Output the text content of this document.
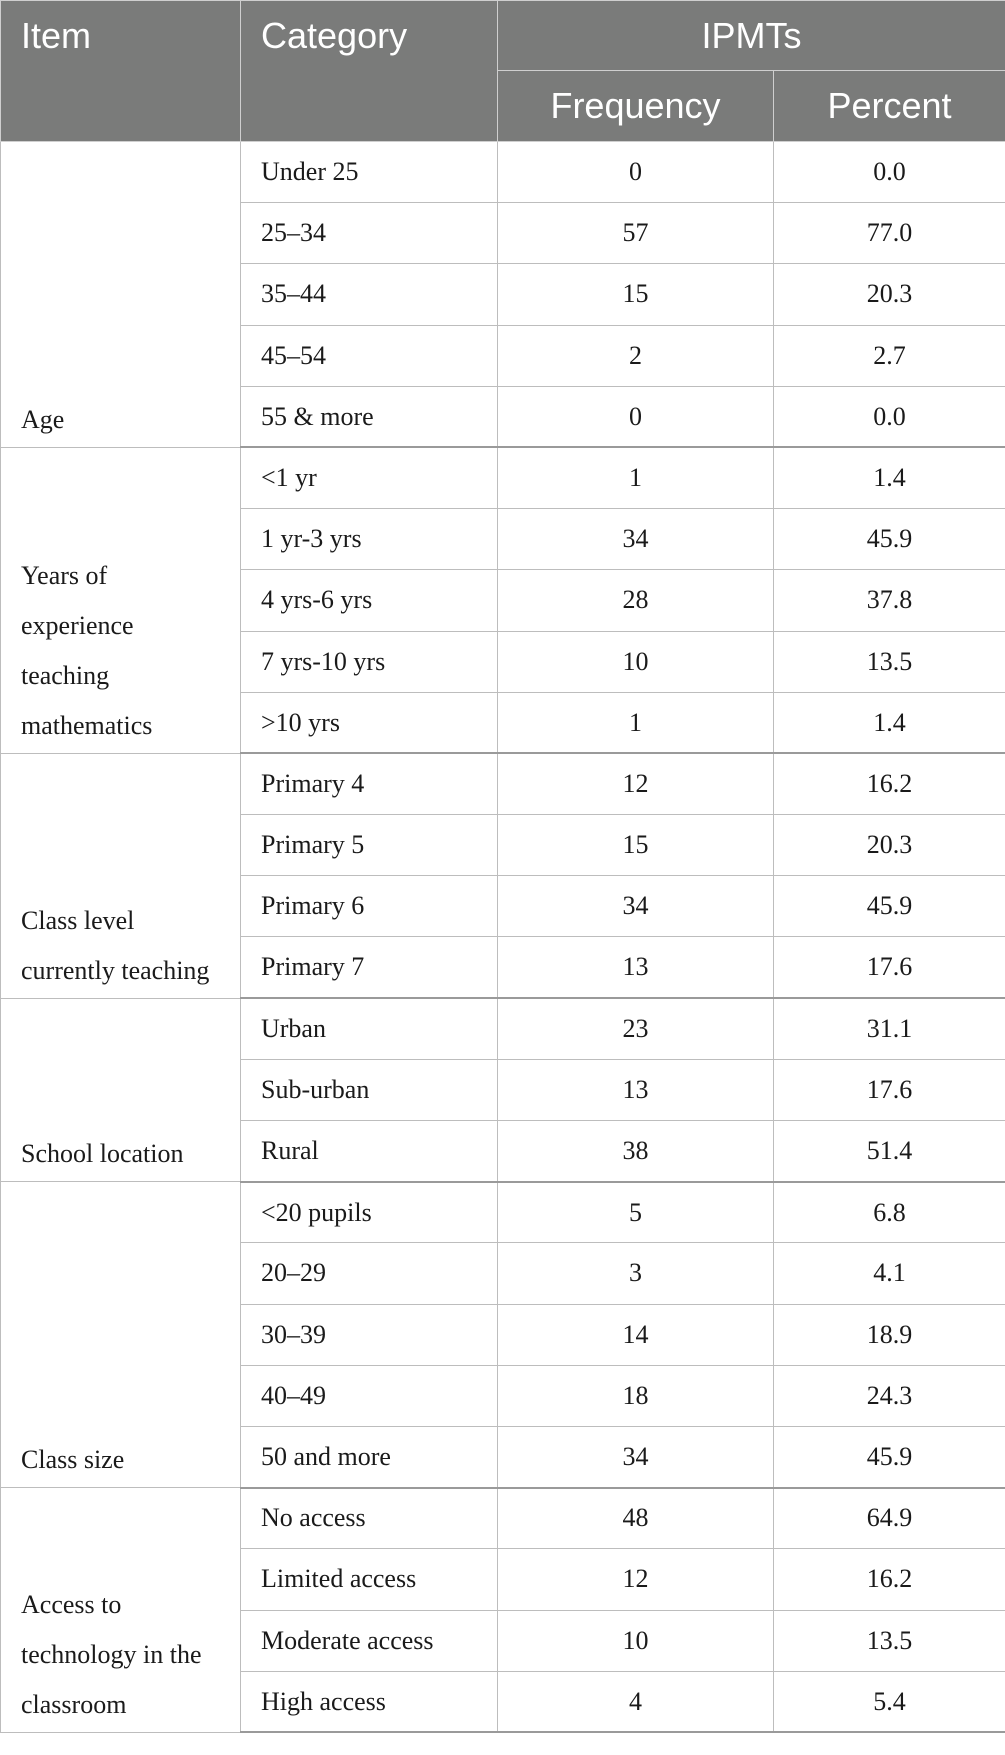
Item	Category	IPMTs	
		Frequency	Percent
Age	Under 25	0	0.0
	25–34	57	77.0
	35–44	15	20.3
	45–54	2	2.7
	55 & more	0	0.0
Years of experience teaching mathematics	<1 yr	1	1.4
	1 yr-3 yrs	34	45.9
	4 yrs-6 yrs	28	37.8
	7 yrs-10 yrs	10	13.5
	>10 yrs	1	1.4
Class level currently teaching	Primary 4	12	16.2
	Primary 5	15	20.3
	Primary 6	34	45.9
	Primary 7	13	17.6
School location	Urban	23	31.1
	Sub-urban	13	17.6
	Rural	38	51.4
Class size	<20 pupils	5	6.8
	20–29	3	4.1
	30–39	14	18.9
	40–49	18	24.3
	50 and more	34	45.9
Access to technology in the classroom	No access	48	64.9
	Limited access	12	16.2
	Moderate access	10	13.5
	High access	4	5.4
